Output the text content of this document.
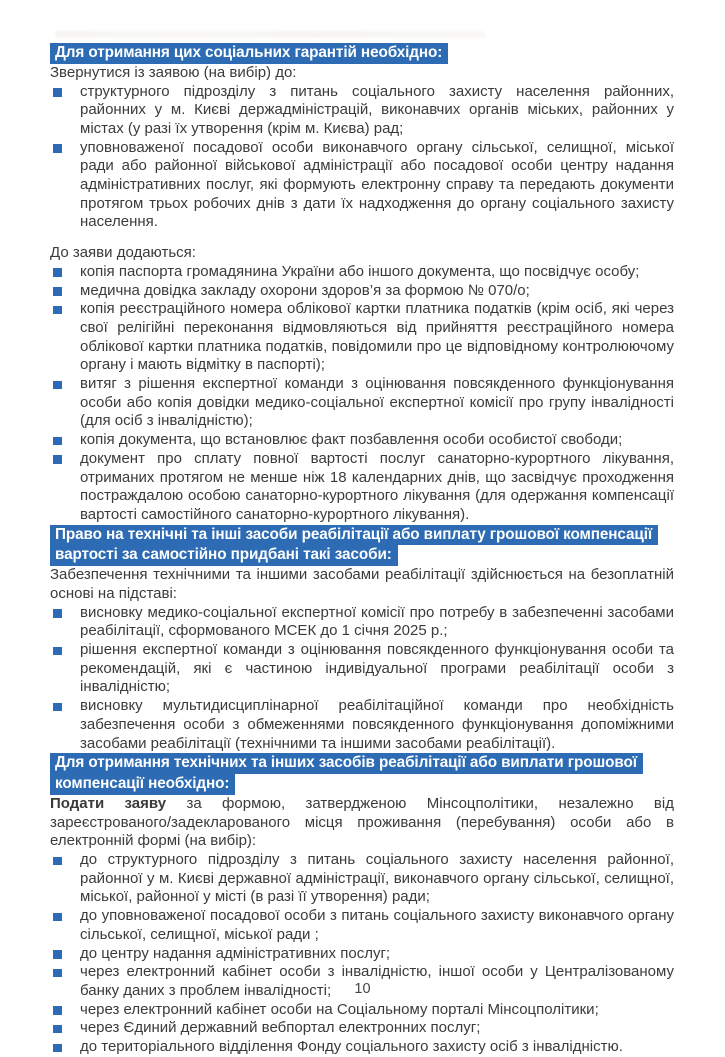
Для отримання цих соціальних гарантій необхідно:

Звернутися із заявою (на вибір) до:

структурного підрозділу з питань соціального захисту населення районних, районних у м. Києві держадміністрацій, виконавчих органів міських, районних у містах (у разі їх утворення (крім м. Києва) рад;
уповноваженої посадової особи виконавчого органу сільської, селищної, міської ради або районної військової адміністрації або посадової особи центру надання адміністративних послуг, які формують електронну справу та передають документи протягом трьох робочих днів з дати їх надходження до органу соціального захисту населення.

До заяви додаються:

копія паспорта громадянина України або іншого документа, що посвідчує особу;
медична довідка закладу охорони здоров’я за формою № 070/о;
копія реєстраційного номера облікової картки платника податків (крім осіб, які через свої релігійні переконання відмовляються від прийняття реєстраційного номера облікової картки платника податків, повідомили про це відповідному контролюючому органу і мають відмітку в паспорті);
витяг з рішення експертної команди з оцінювання повсякденного функціонування особи або копія довідки медико-соціальної експертної комісії про групу інвалідності (для осіб з інвалідністю);
копія документа, що встановлює факт позбавлення особи особистої свободи;
документ про сплату повної вартості послуг санаторно-курортного лікування, отриманих протягом не менше ніж 18 календарних днів, що засвідчує проходження постраждалою особою санаторно-курортного лікування (для одержання компенсації вартості самостійного санаторно-курортного лікування).
Право на технічні та інші засоби реабілітації або виплату грошової компенсації вартості за самостійно придбані такі засоби:

Забезпечення технічними та іншими засобами реабілітації здійснюється на безоплатній основі на підставі:

висновку медико-соціальної експертної комісії про потребу в забезпеченні засобами реабілітації, сформованого МСЕК до 1 січня 2025 р.;
рішення експертної команди з оцінювання повсякденного функціонування особи та рекомендацій, які є частиною індивідуальної програми реабілітації особи з інвалідністю;
висновку мультидисциплінарної реабілітаційної команди про необхідність забезпечення особи з обмеженнями повсякденного функціонування допоміжними засобами реабілітації (технічними та іншими засобами реабілітації).
Для отримання технічних та інших засобів реабілітації або виплати грошової компенсації необхідно:

Подати заяву за формою, затвердженою Мінсоцполітики, незалежно від зареєстрованого/задекларованого місця проживання (перебування) особи або в електронній формі (на вибір):

до структурного підрозділу з питань соціального захисту населення районної, районної у м. Києві державної адміністрації, виконавчого органу сільської, селищної, міської, районної у місті (в разі її утворення) ради;
до уповноваженої посадової особи з питань соціального захисту виконавчого органу сільської, селищної, міської ради ;
до центру надання адміністративних послуг;
через електронний кабінет особи з інвалідністю, іншої особи у Централізованому банку даних з проблем інвалідності;
через електронний кабінет особи на Соціальному порталі Мінсоцполітики;
через Єдиний державний вебпортал електронних послуг;
до територіального відділення Фонду соціального захисту осіб з інвалідністю.
10
